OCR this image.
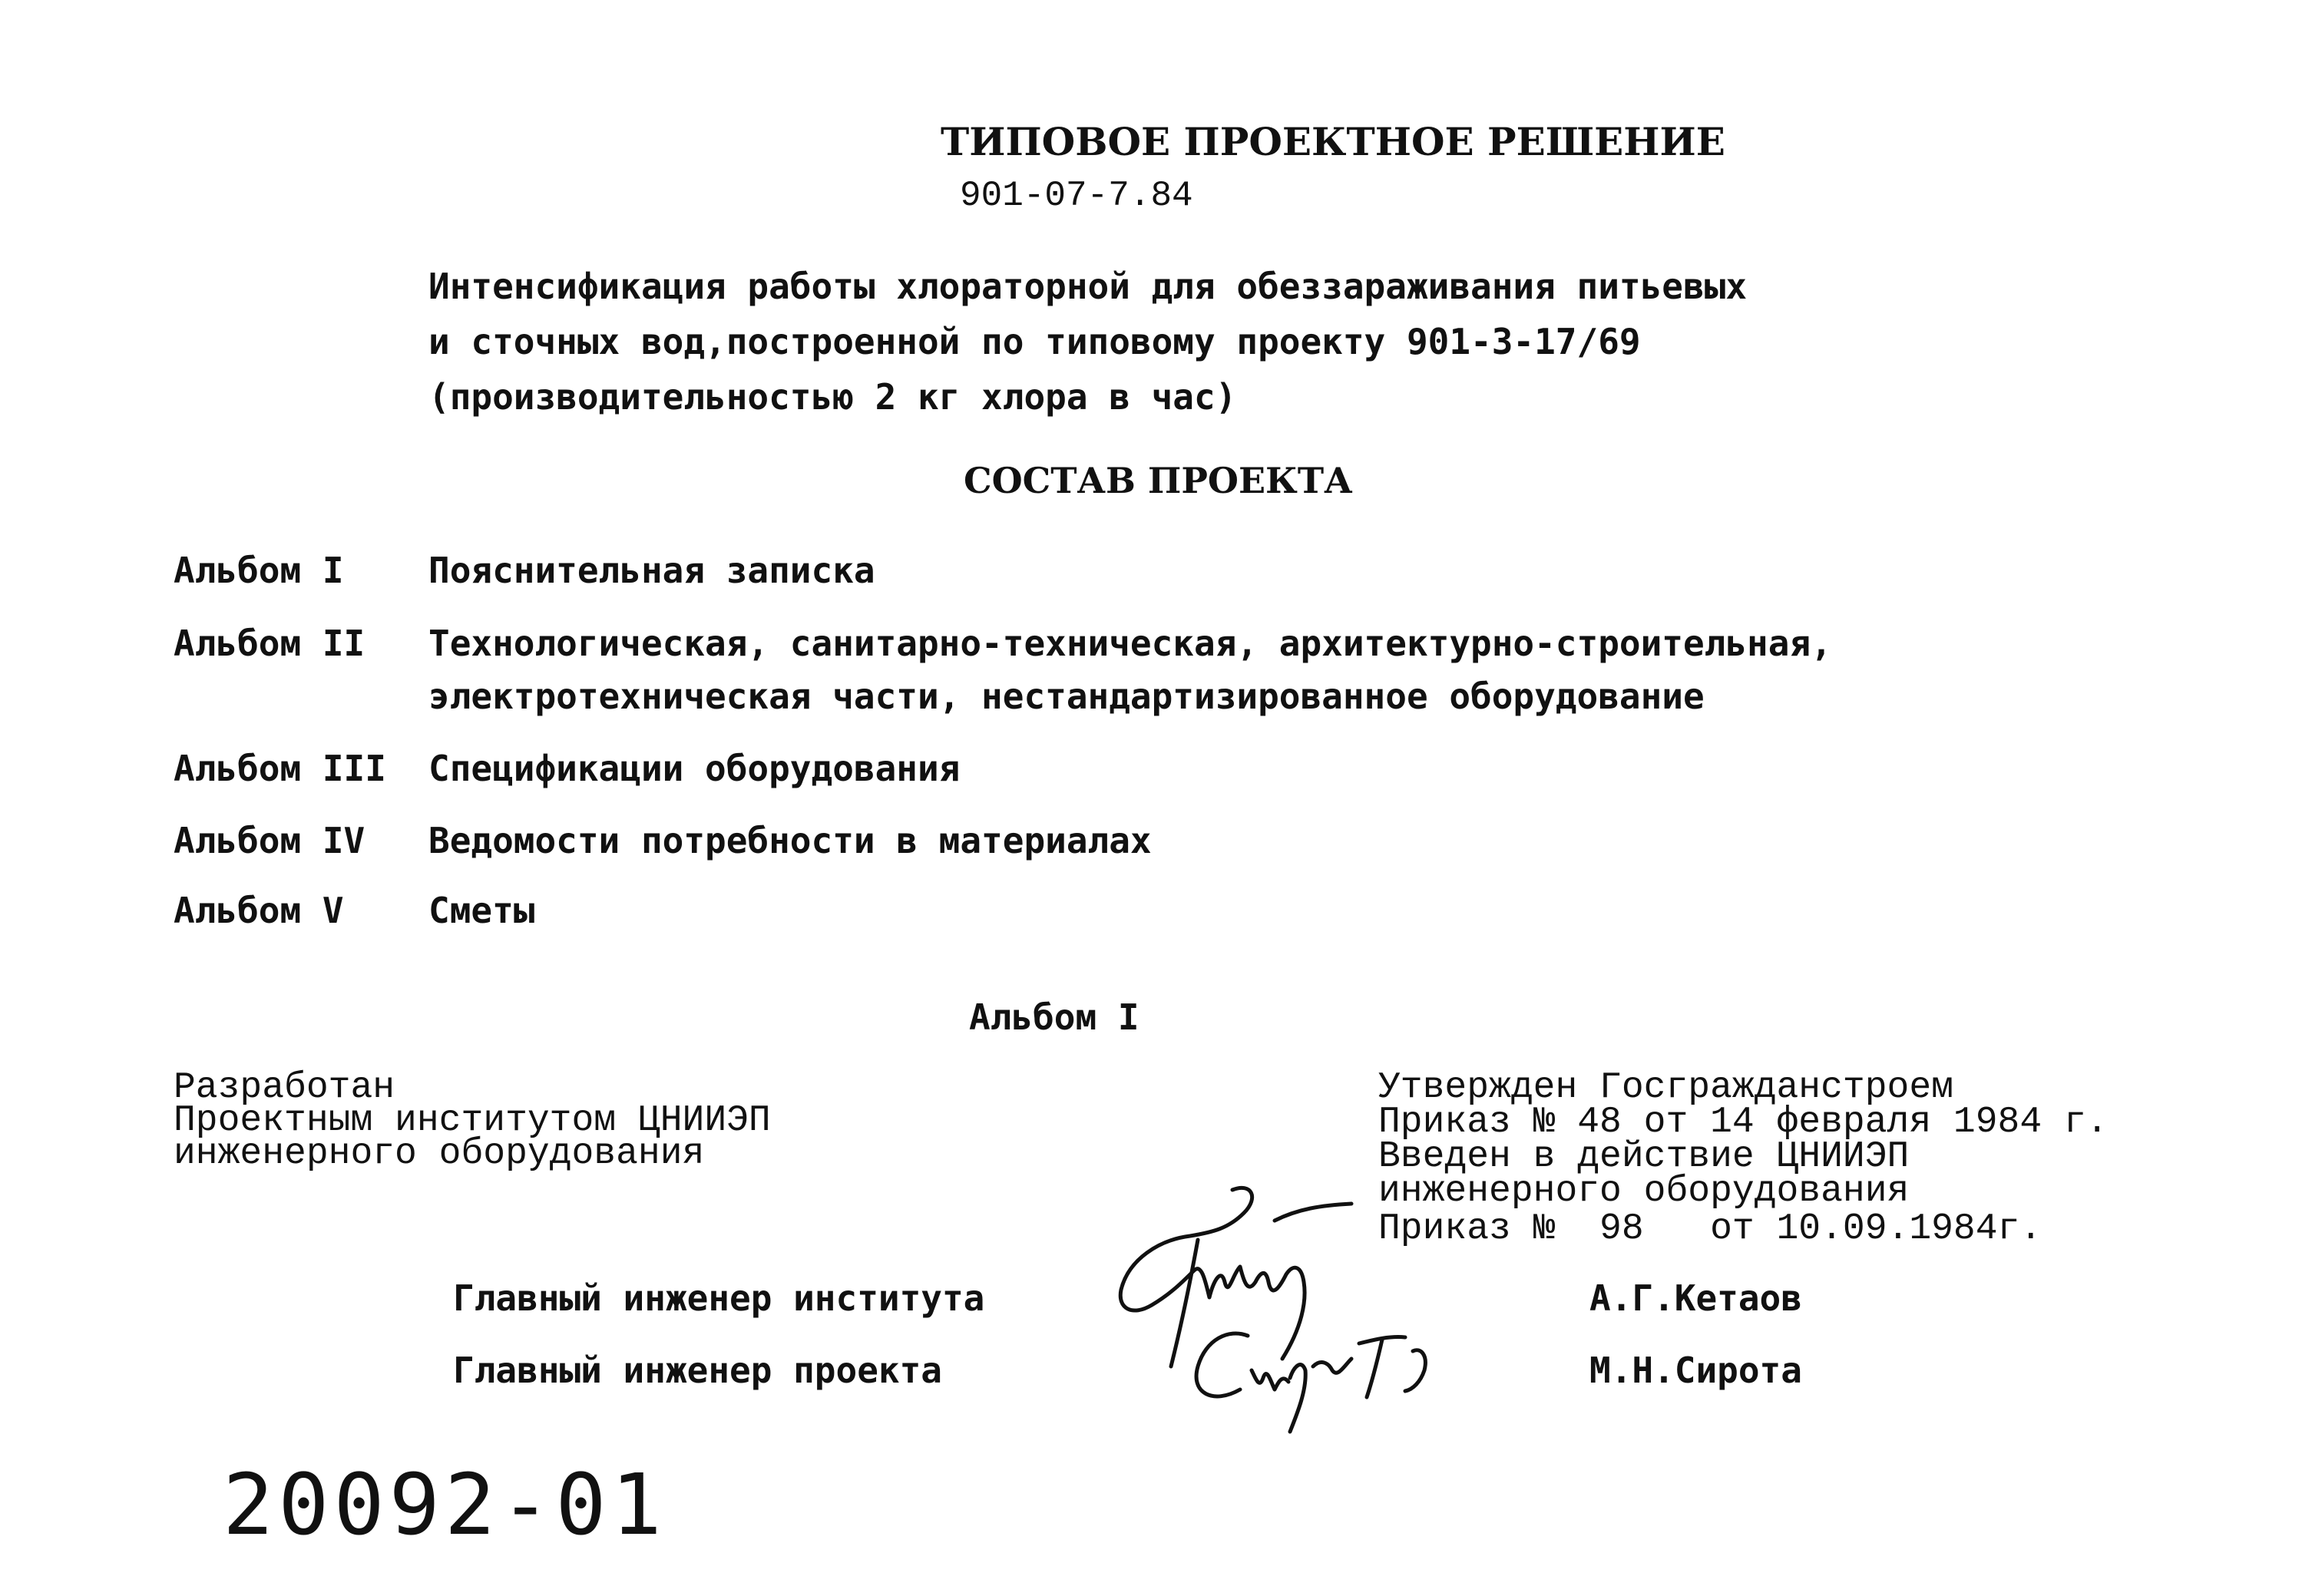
ТИПОВОЕ ПРОЕКТНОЕ РЕШЕНИЕ
901-07-7.84
Интенсификация работы хлораторной для обеззараживания питьевых
и сточных вод,построенной по типовому проекту 901-3-17/69
(производительностью 2 кг хлора в час)
СОСТАВ ПРОЕКТА
Альбом I Пояснительная записка
Альбом II Технологическая, санитарно-техническая, архитектурно-строительная,
электротехническая части, нестандартизированное оборудование
Альбом III Спецификации оборудования
Альбом IV Ведомости потребности в материалах
Альбом V Сметы
Альбом I
Разработан
Проектным институтом ЦНИИЭП
инженерного оборудования
Утвержден Госгражданстроем
Приказ № 48 от 14 февраля 1984 г.
Введен в действие ЦНИИЭП
инженерного оборудования
Приказ №  98   от 10.09.1984г.
Главный инженер института	А.Г.Кетаов
Главный инженер проекта	М.Н.Сирота
20092-01
